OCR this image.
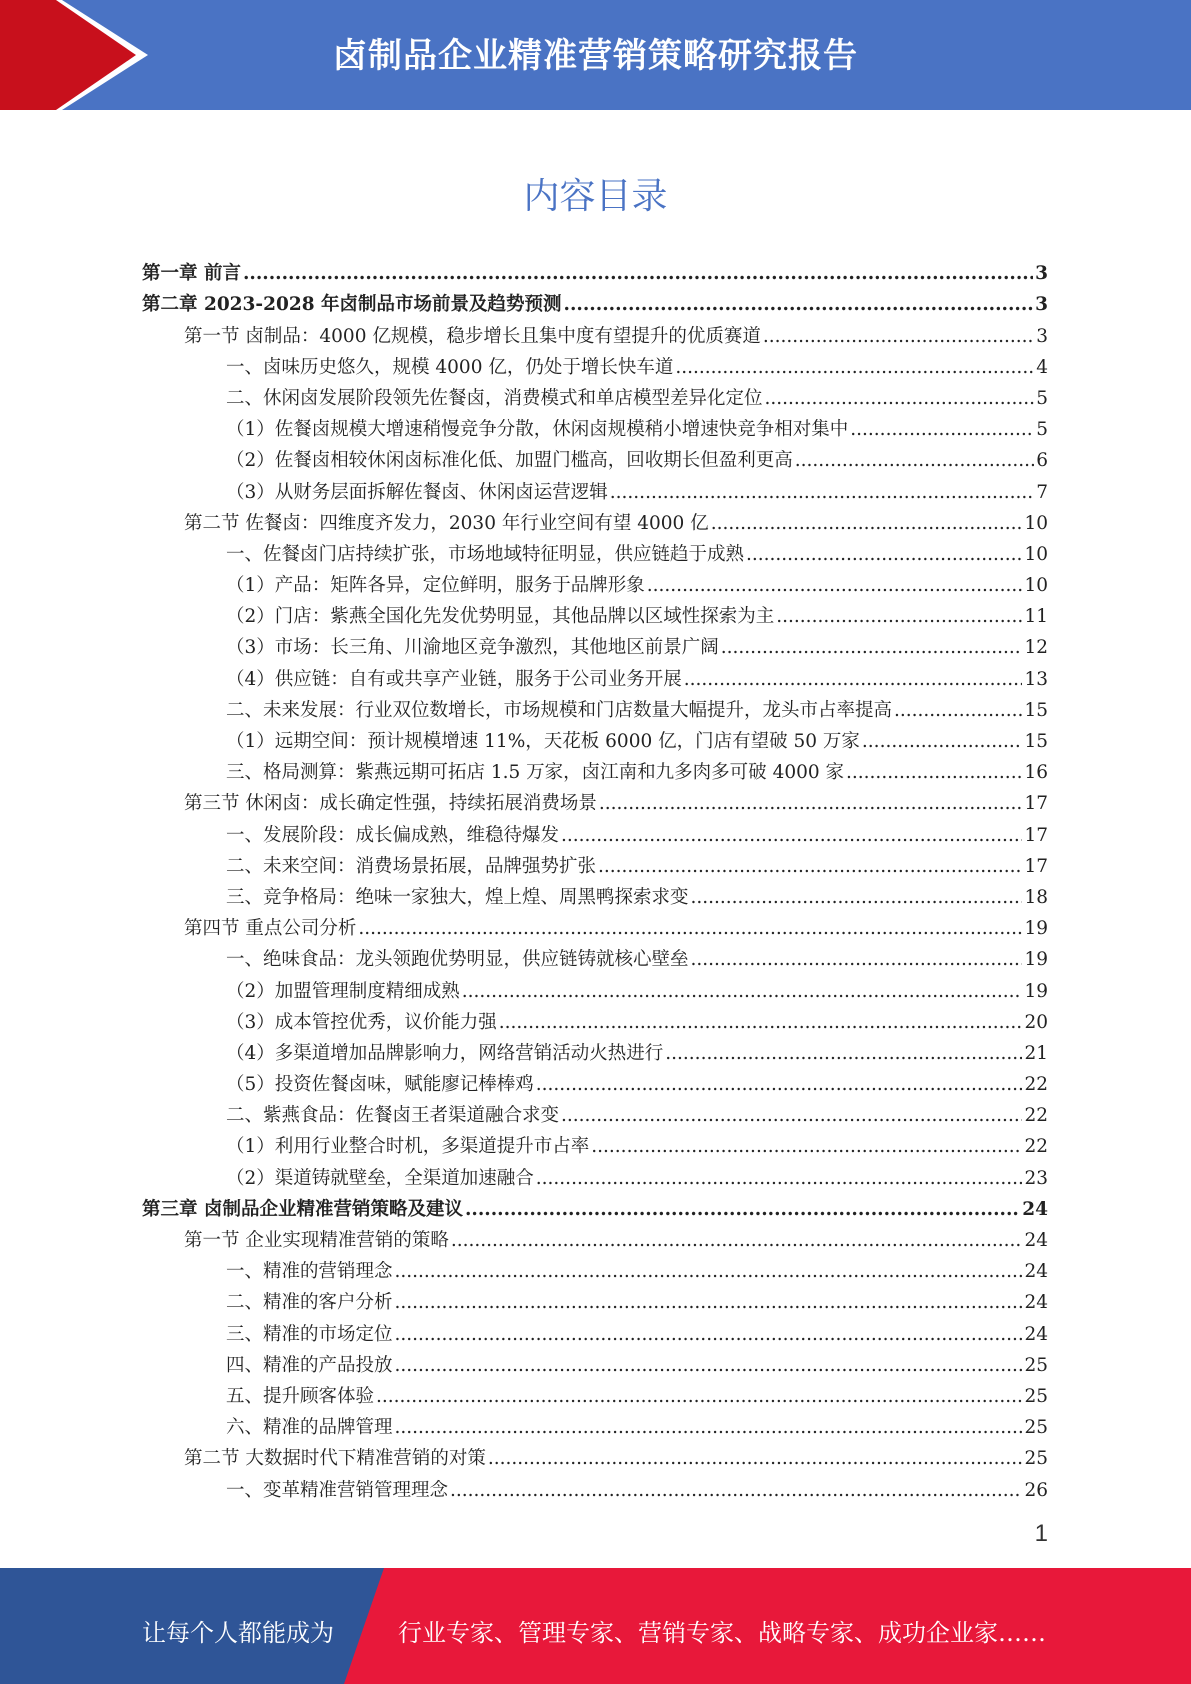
卤制品企业精准营销策略研究报告
内容目录
第一章 前言 .....	3
第二章 2023-2028 年卤制品市场前景及趋势预测 .....	3
第一节 卤制品：4000 亿规模，稳步增长且集中度有望提升的优质赛道 .....	3
一、卤味历史悠久，规模 4000 亿，仍处于增长快车道 .....	4
二、休闲卤发展阶段领先佐餐卤，消费模式和单店模型差异化定位 .....	5
（1）佐餐卤规模大增速稍慢竞争分散，休闲卤规模稍小增速快竞争相对集中 .....	5
（2）佐餐卤相较休闲卤标准化低、加盟门槛高，回收期长但盈利更高 .....	6
（3）从财务层面拆解佐餐卤、休闲卤运营逻辑 .....	7
第二节 佐餐卤：四维度齐发力，2030 年行业空间有望 4000 亿 .....	10
一、佐餐卤门店持续扩张，市场地域特征明显，供应链趋于成熟 .....	10
（1）产品：矩阵各异，定位鲜明，服务于品牌形象 .....	10
（2）门店：紫燕全国化先发优势明显，其他品牌以区域性探索为主 .....	11
（3）市场：长三角、川渝地区竞争激烈，其他地区前景广阔 .....	12
（4）供应链：自有或共享产业链，服务于公司业务开展 .....	13
二、未来发展：行业双位数增长，市场规模和门店数量大幅提升，龙头市占率提高 .....	15
（1）远期空间：预计规模增速 11%，天花板 6000 亿，门店有望破 50 万家 .....	15
三、格局测算：紫燕远期可拓店 1.5 万家，卤江南和九多肉多可破 4000 家 .....	16
第三节 休闲卤：成长确定性强，持续拓展消费场景 .....	17
一、发展阶段：成长偏成熟，维稳待爆发 .....	17
二、未来空间：消费场景拓展，品牌强势扩张 .....	17
三、竞争格局：绝味一家独大，煌上煌、周黑鸭探索求变 .....	18
第四节 重点公司分析 .....	19
一、绝味食品：龙头领跑优势明显，供应链铸就核心壁垒 .....	19
（2）加盟管理制度精细成熟 .....	19
（3）成本管控优秀，议价能力强 .....	20
（4）多渠道增加品牌影响力，网络营销活动火热进行 .....	21
（5）投资佐餐卤味，赋能廖记棒棒鸡 .....	22
二、紫燕食品：佐餐卤王者渠道融合求变 .....	22
（1）利用行业整合时机，多渠道提升市占率 .....	22
（2）渠道铸就壁垒，全渠道加速融合 .....	23
第三章 卤制品企业精准营销策略及建议 .....	24
第一节 企业实现精准营销的策略 .....	24
一、精准的营销理念 .....	24
二、精准的客户分析 .....	24
三、精准的市场定位 .....	24
四、精准的产品投放 .....	25
五、提升顾客体验 .....	25
六、精准的品牌管理 .....	25
第二节 大数据时代下精准营销的对策 .....	25
一、变革精准营销管理理念 .....	26
1
让每个人都能成为	行业专家、管理专家、营销专家、战略专家、成功企业家……
